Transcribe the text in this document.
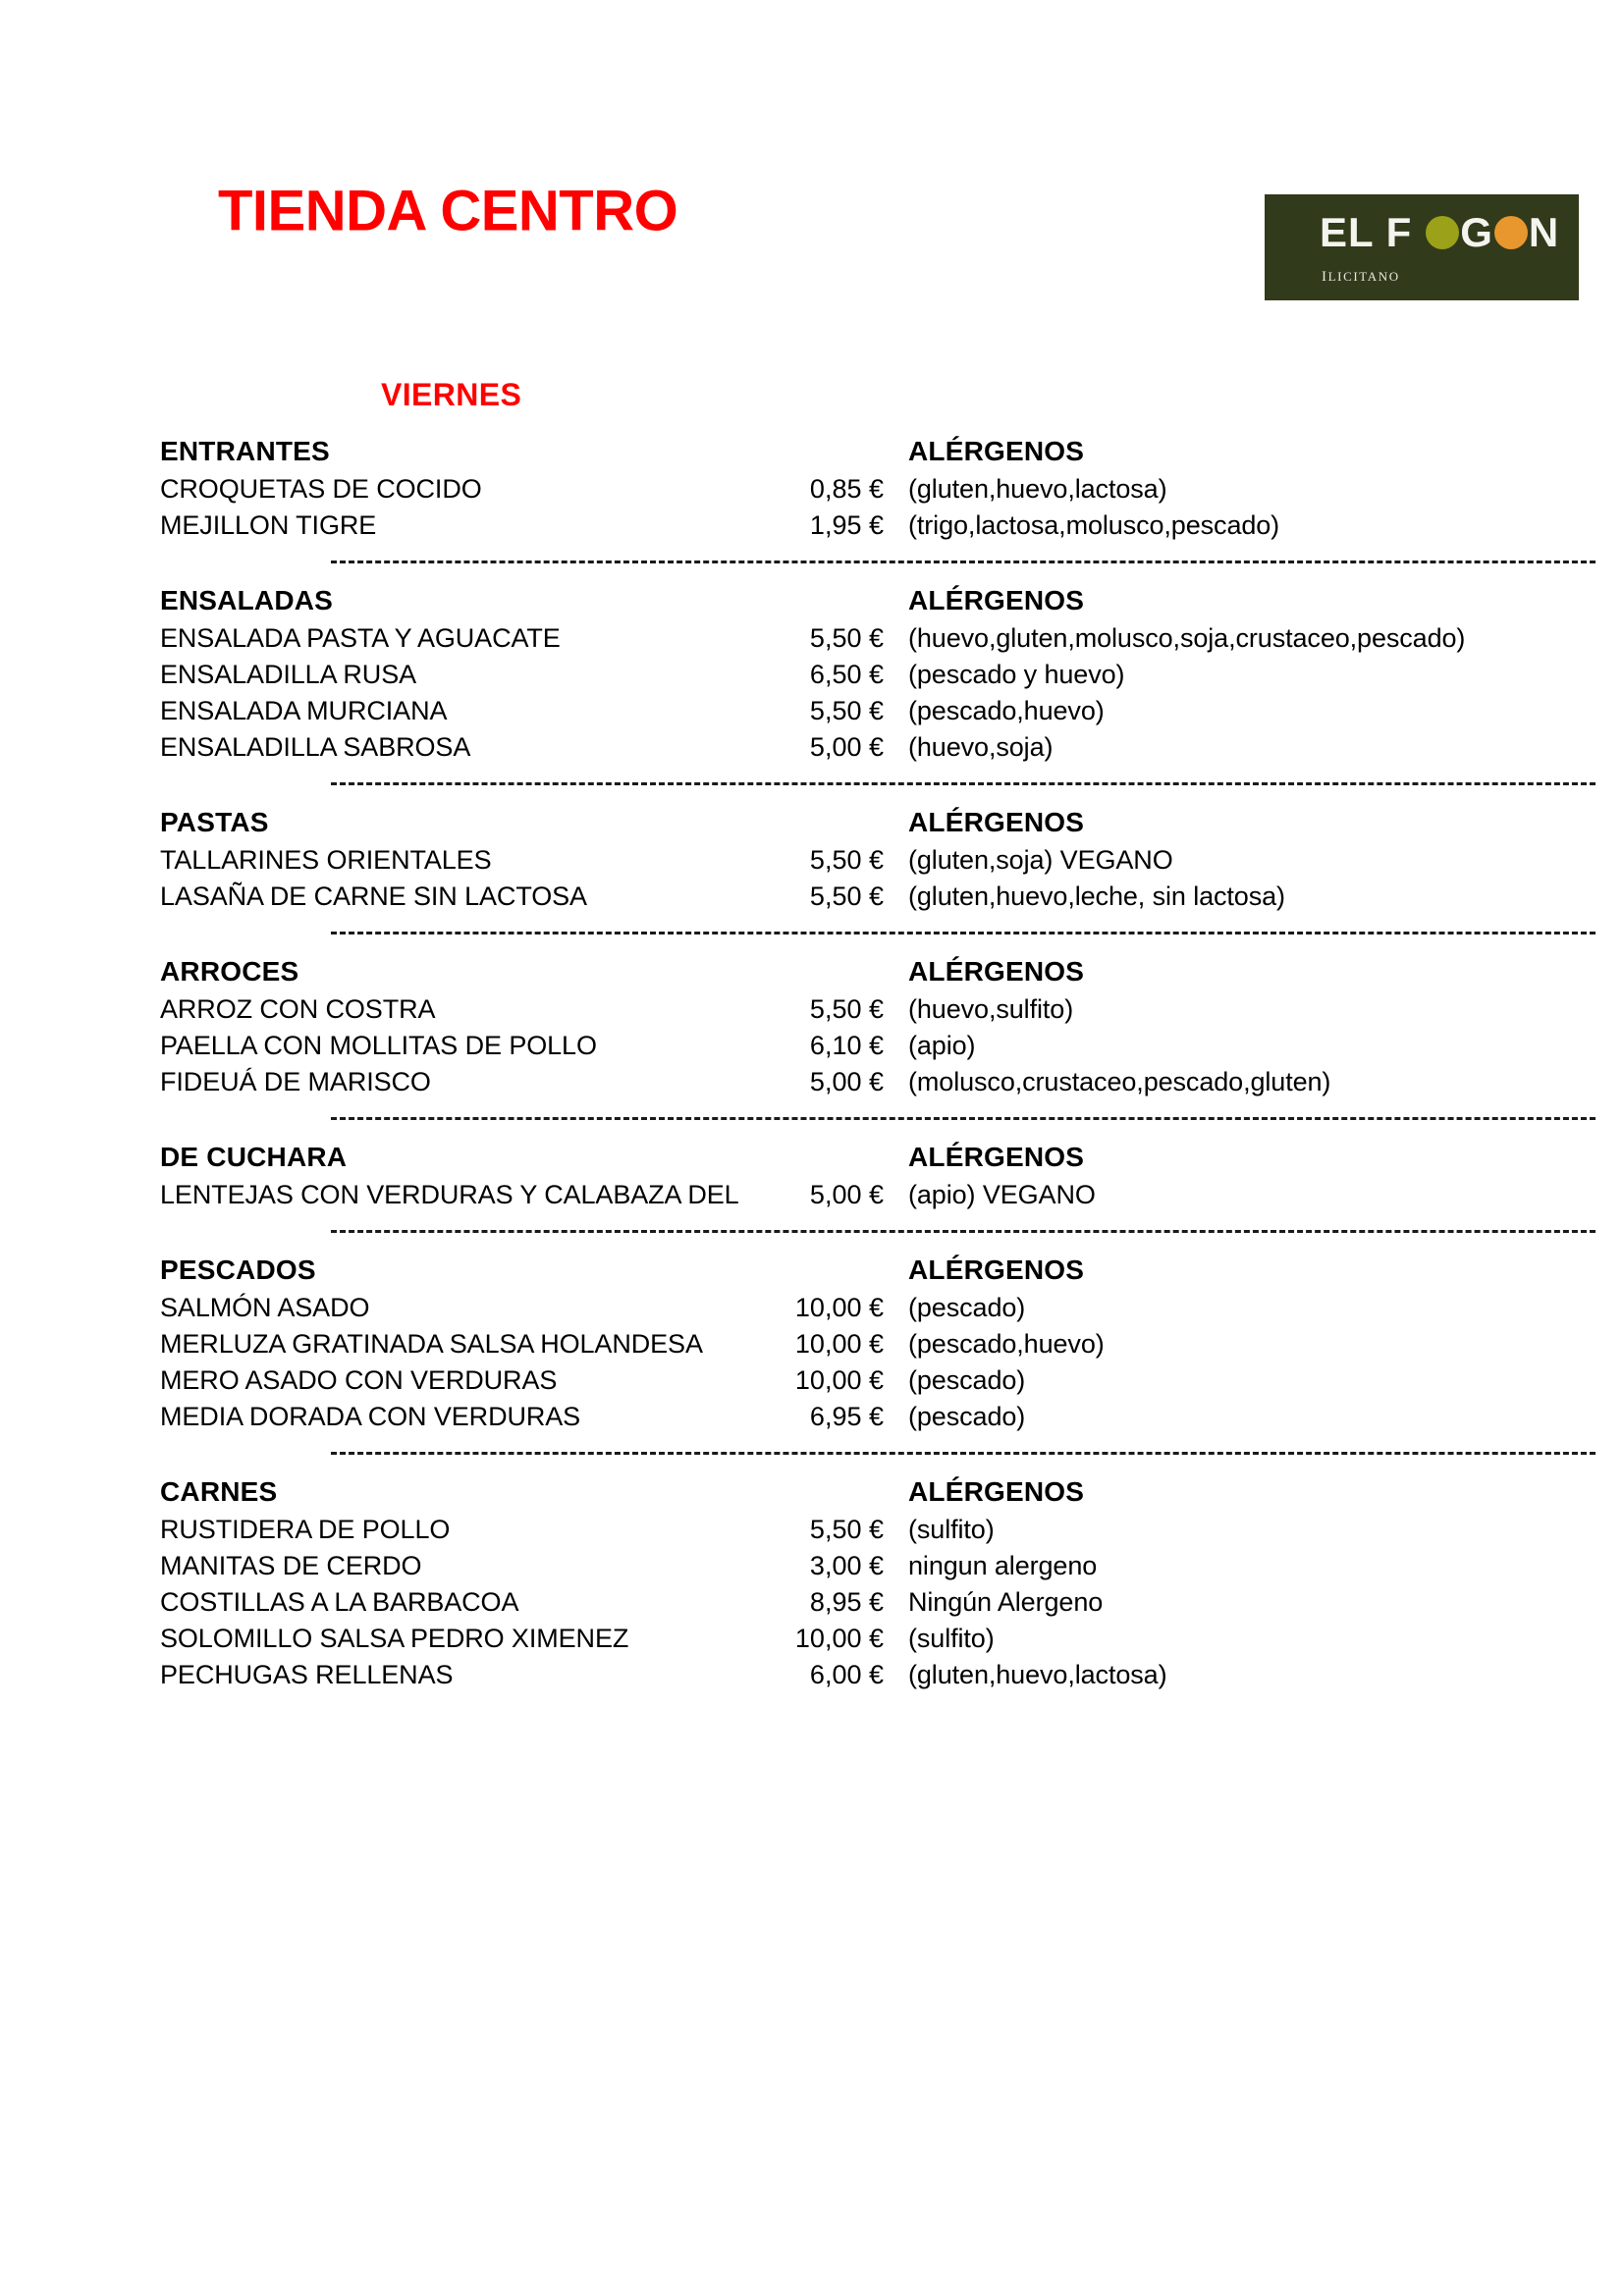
TIENDA CENTRO
VIERNES
EL F G N
ilicitano
ENTRANTES	ALÉRGENOS
CROQUETAS DE COCIDO	0,85 € (gluten,huevo,lactosa)
MEJILLON TIGRE	1,95 € (trigo,lactosa,molusco,pescado)
ENSALADAS	ALÉRGENOS
ENSALADA PASTA Y AGUACATE	5,50 € (huevo,gluten,molusco,soja,crustaceo,pescado)
ENSALADILLA RUSA	6,50 € (pescado y huevo)
ENSALADA MURCIANA	5,50 € (pescado,huevo)
ENSALADILLA SABROSA	5,00 € (huevo,soja)
PASTAS	ALÉRGENOS
TALLARINES ORIENTALES	5,50 € (gluten,soja) VEGANO
LASAÑA DE CARNE SIN LACTOSA	5,50 € (gluten,huevo,leche, sin lactosa)
ARROCES	ALÉRGENOS
ARROZ CON COSTRA	5,50 € (huevo,sulfito)
PAELLA CON MOLLITAS DE POLLO	6,10 € (apio)
FIDEUÁ DE MARISCO	5,00 € (molusco,crustaceo,pescado,gluten)
DE CUCHARA	ALÉRGENOS
LENTEJAS CON VERDURAS Y CALABAZA DEL	5,00 € (apio) VEGANO
PESCADOS	ALÉRGENOS
SALMÓN ASADO	10,00 € (pescado)
MERLUZA GRATINADA SALSA HOLANDESA	10,00 € (pescado,huevo)
MERO ASADO CON VERDURAS	10,00 € (pescado)
MEDIA DORADA CON VERDURAS	6,95 € (pescado)
CARNES	ALÉRGENOS
RUSTIDERA DE POLLO	5,50 € (sulfito)
MANITAS DE CERDO	3,00 € ningun alergeno
COSTILLAS A LA BARBACOA	8,95 € Ningún Alergeno
SOLOMILLO SALSA PEDRO XIMENEZ	10,00 € (sulfito)
PECHUGAS RELLENAS	6,00 € (gluten,huevo,lactosa)
